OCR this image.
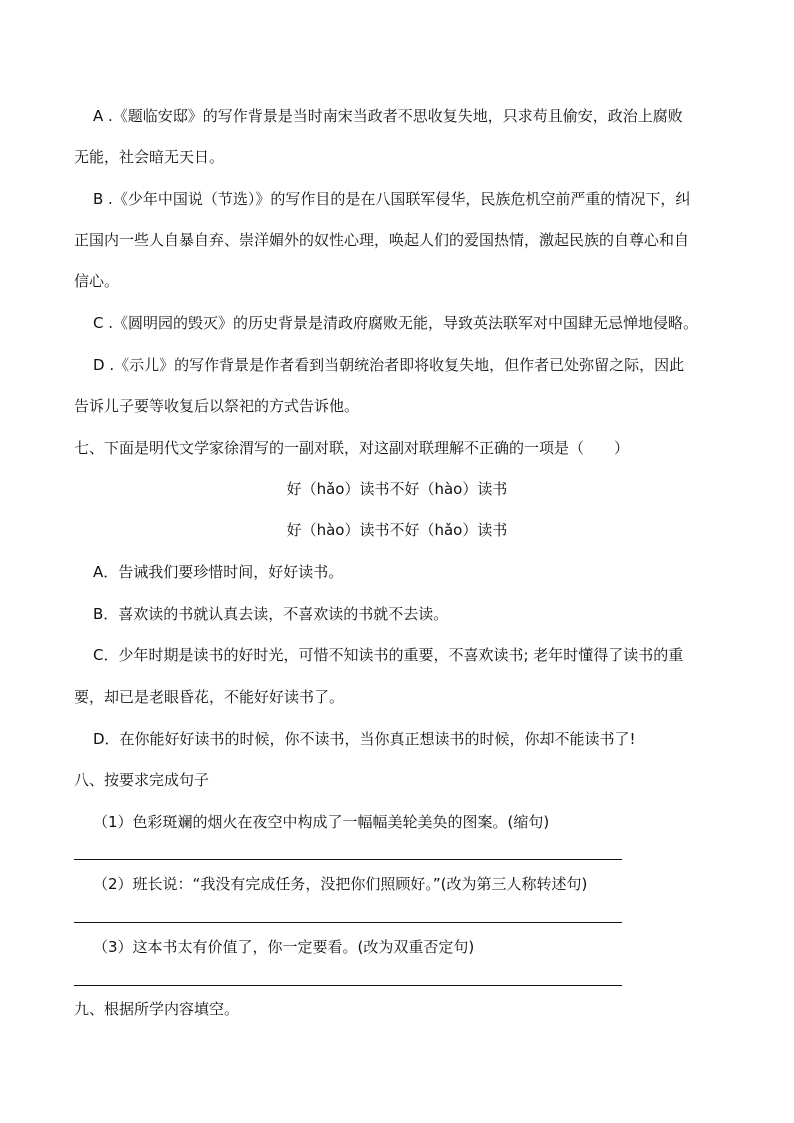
A .《题临安邸》的写作背景是当时南宋当政者不思收复失地，只求苟且偷安，政治上腐败
无能，社会暗无天日。
B .《少年中国说（节选）》的写作目的是在八国联军侵华，民族危机空前严重的情况下，纠
正国内一些人自暴自弃、崇洋媚外的奴性心理，唤起人们的爱国热情，激起民族的自尊心和自
信心。
C .《圆明园的毁灭》的历史背景是清政府腐败无能，导致英法联军对中国肆无忌惮地侵略。
D .《示儿》的写作背景是作者看到当朝统治者即将收复失地，但作者已处弥留之际，因此
告诉儿子要等收复后以祭祀的方式告诉他。
七、下面是明代文学家徐渭写的一副对联，对这副对联理解不正确的一项是（　　）
好（hǎo）读书不好（hào）读书
好（hào）读书不好（hǎo）读书
A．告诫我们要珍惜时间，好好读书。
B．喜欢读的书就认真去读，不喜欢读的书就不去读。
C．少年时期是读书的好时光，可惜不知读书的重要，不喜欢读书; 老年时懂得了读书的重
要，却已是老眼昏花，不能好好读书了。
D．在你能好好读书的时候，你不读书，当你真正想读书的时候，你却不能读书了!
八、按要求完成句子
（1）色彩斑斓的烟火在夜空中构成了一幅幅美轮美奂的图案。(缩句)
（2）班长说：“我没有完成任务，没把你们照顾好。”(改为第三人称转述句)
（3）这本书太有价值了，你一定要看。(改为双重否定句)
九、根据所学内容填空。
